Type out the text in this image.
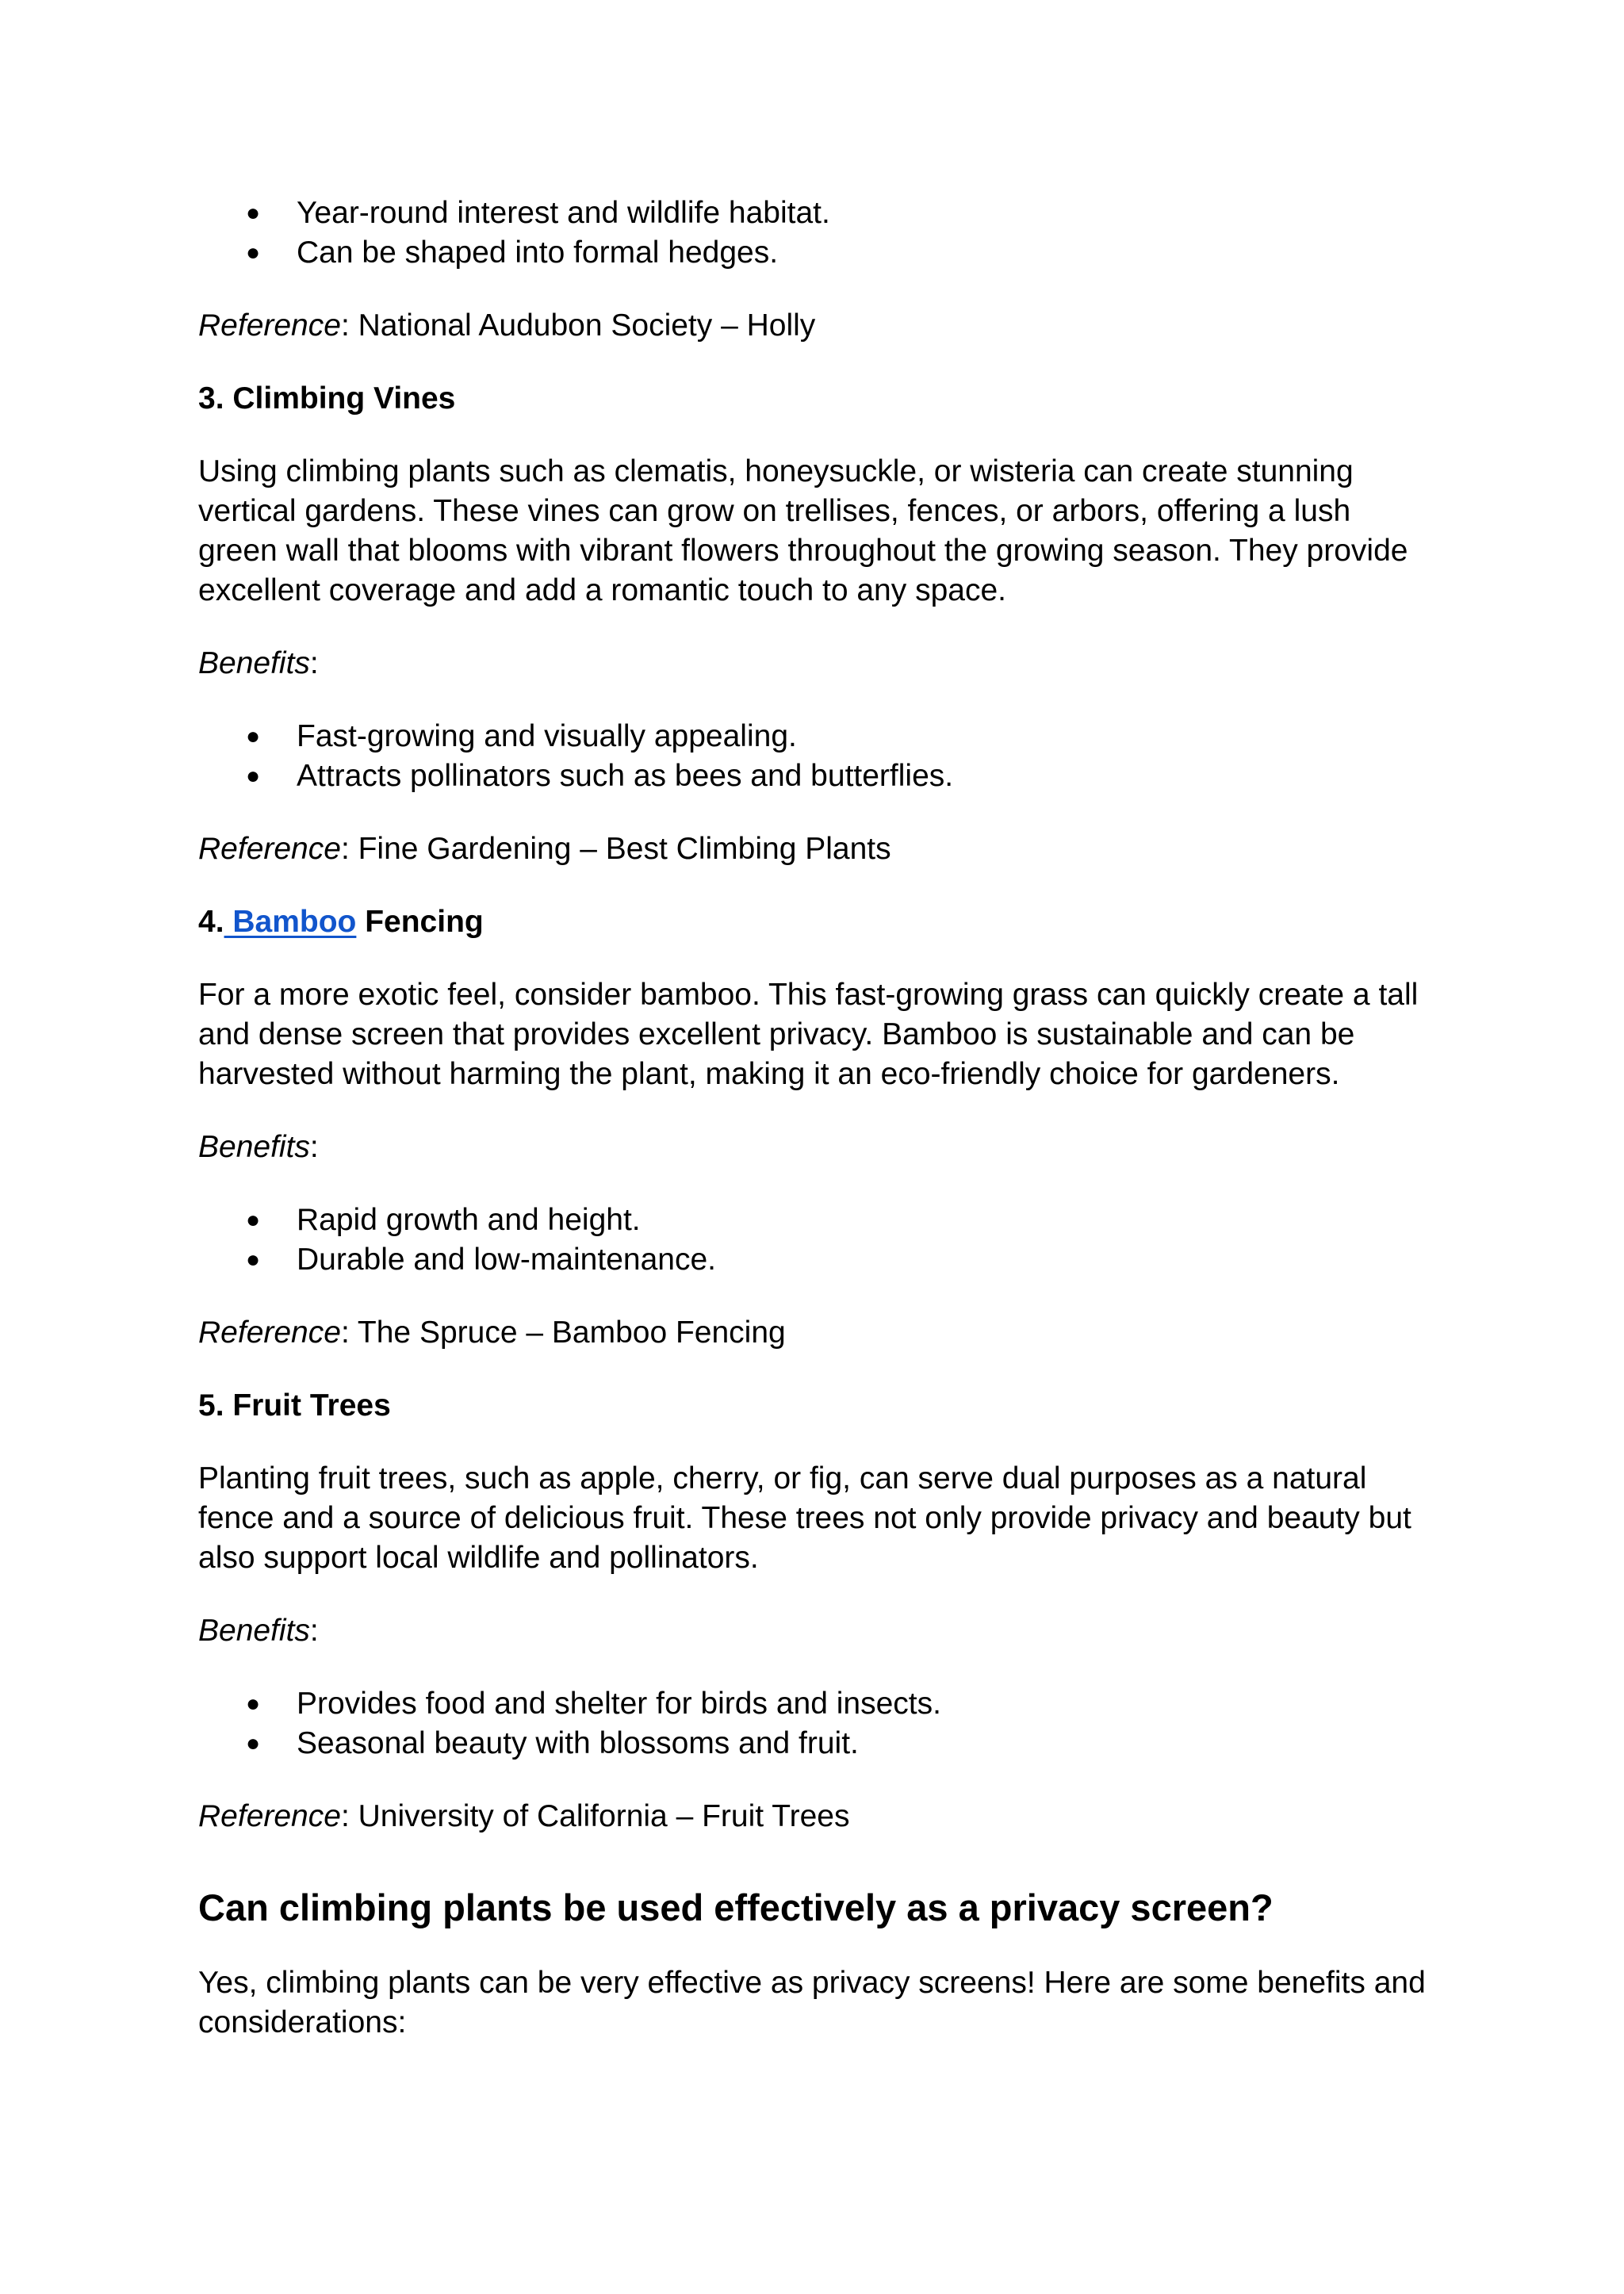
● Year-round interest and wildlife habitat.
● Can be shaped into formal hedges.

Reference: National Audubon Society – Holly

3. Climbing Vines

Using climbing plants such as clematis, honeysuckle, or wisteria can create stunning vertical gardens. These vines can grow on trellises, fences, or arbors, offering a lush green wall that blooms with vibrant flowers throughout the growing season. They provide excellent coverage and add a romantic touch to any space.

Benefits:

● Fast-growing and visually appealing.
● Attracts pollinators such as bees and butterflies.

Reference: Fine Gardening – Best Climbing Plants

4. Bamboo Fencing

For a more exotic feel, consider bamboo. This fast-growing grass can quickly create a tall and dense screen that provides excellent privacy. Bamboo is sustainable and can be harvested without harming the plant, making it an eco-friendly choice for gardeners.

Benefits:

● Rapid growth and height.
● Durable and low-maintenance.

Reference: The Spruce – Bamboo Fencing

5. Fruit Trees

Planting fruit trees, such as apple, cherry, or fig, can serve dual purposes as a natural fence and a source of delicious fruit. These trees not only provide privacy and beauty but also support local wildlife and pollinators.

Benefits:

● Provides food and shelter for birds and insects.
● Seasonal beauty with blossoms and fruit.

Reference: University of California – Fruit Trees

Can climbing plants be used effectively as a privacy screen?

Yes, climbing plants can be very effective as privacy screens! Here are some benefits and considerations:
